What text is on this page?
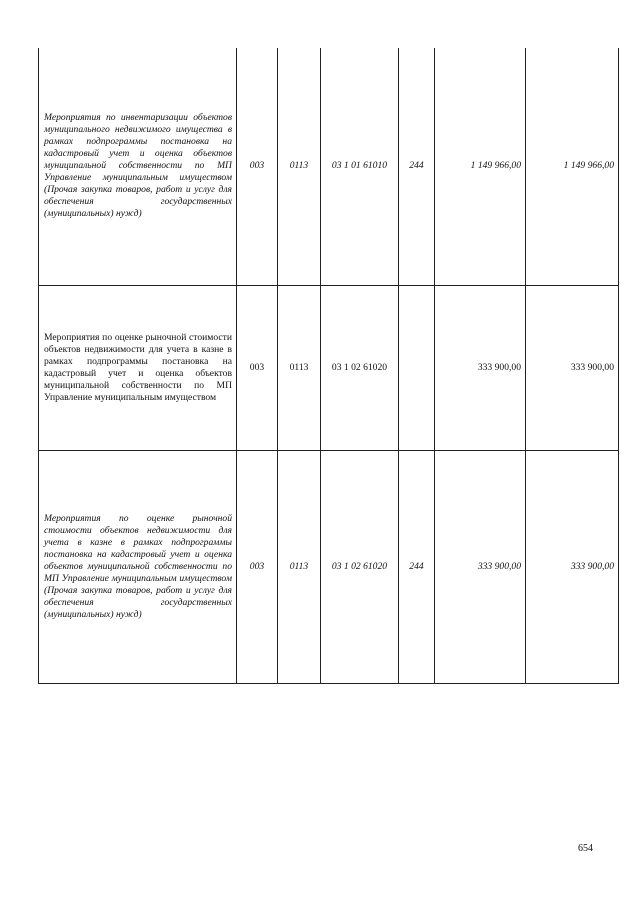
Мероприятия по инвентаризации объектов муниципального недвижимого имущества в рамках подпрограммы постановка на кадастровый учет и оценка объектов муниципальной собственности по МП Управление муниципальным имуществом (Прочая закупка товаров, работ и услуг для обеспечения государственных (муниципальных) нужд)	003	0113	03 1 01 61010	244	1 149 966,00	1 149 966,00

Мероприятия по оценке рыночной стоимости объектов недвижимости для учета в казне в рамках подпрограммы постановка на кадастровый учет и оценка объектов муниципальной собственности по МП Управление муниципальным имуществом	003	0113	03 1 02 61020		333 900,00	333 900,00

Мероприятия по оценке рыночной стоимости объектов недвижимости для учета в казне в рамках подпрограммы постановка на кадастровый учет и оценка объектов муниципальной собственности по МП Управление муниципальным имуществом (Прочая закупка товаров, работ и услуг для обеспечения государственных (муниципальных) нужд)	003	0113	03 1 02 61020	244	333 900,00	333 900,00
654
